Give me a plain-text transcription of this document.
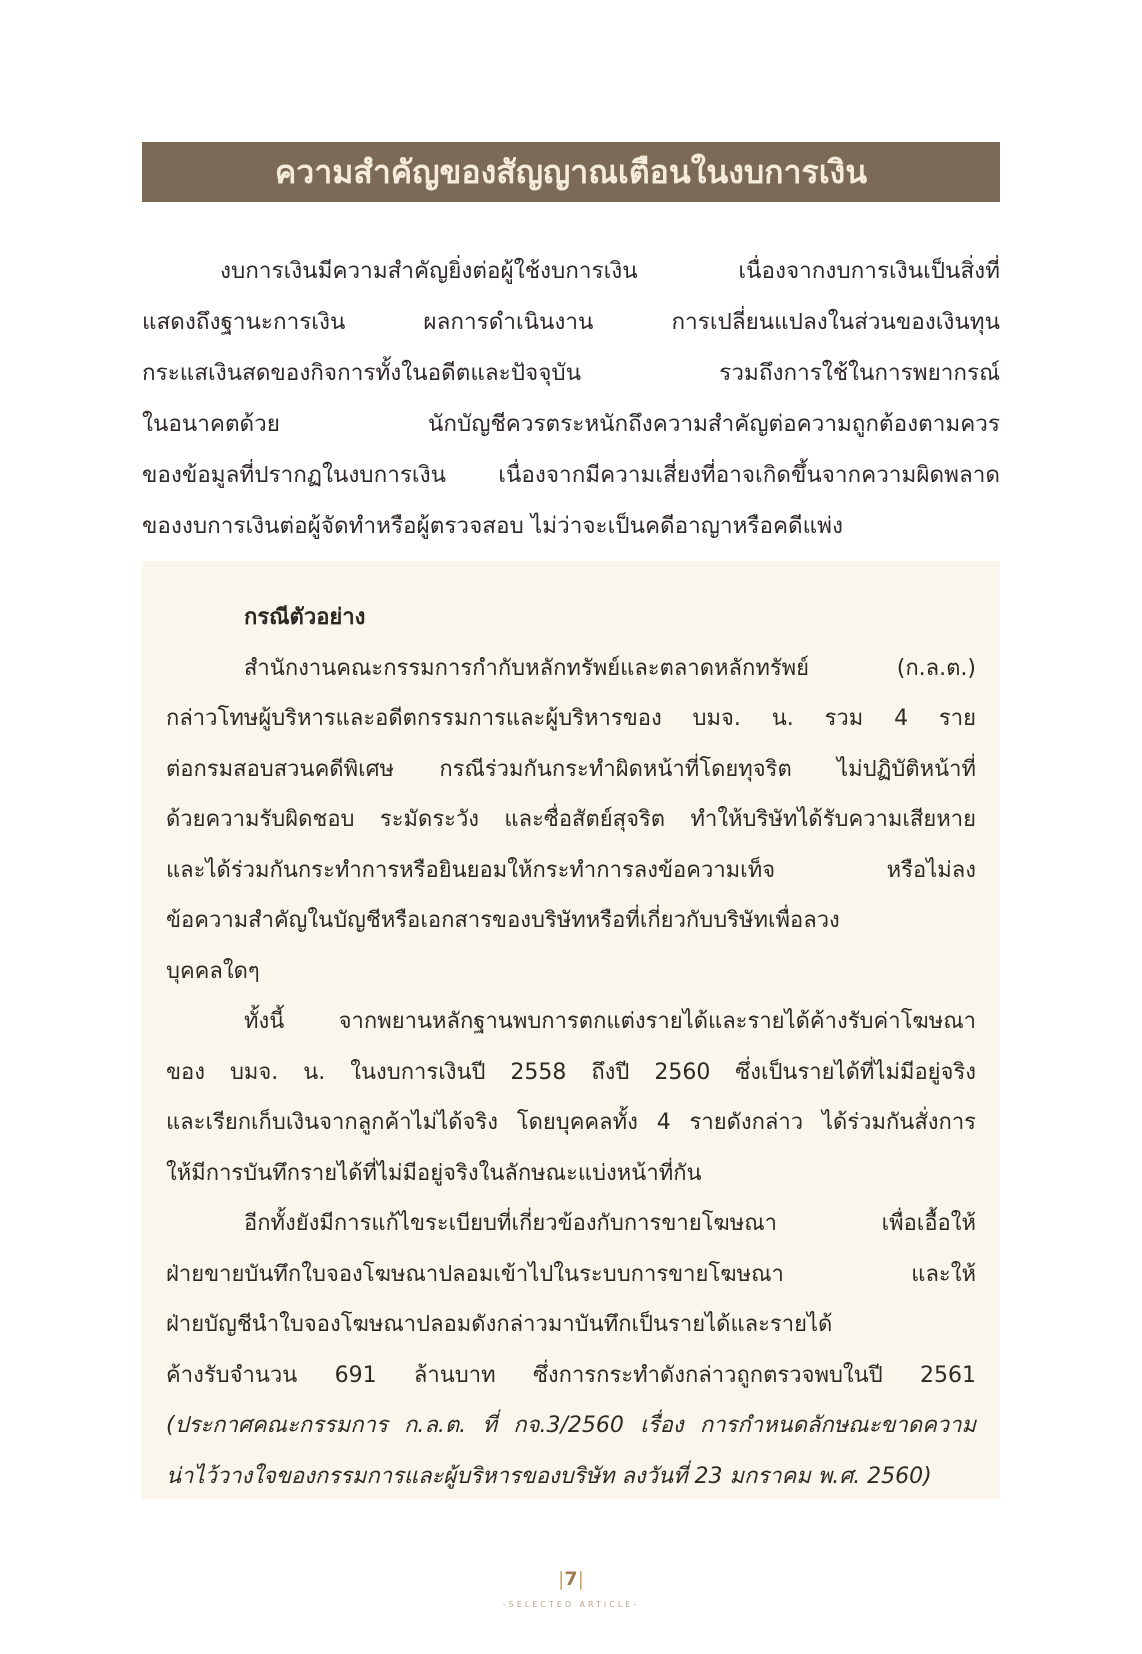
ความสำคัญของสัญญาณเตือนในงบการเงิน
งบการเงินมีความสำคัญยิ่งต่อผู้ใช้งบการเงิน เนื่องจากงบการเงินเป็นสิ่งที่
แสดงถึงฐานะการเงิน ผลการดำเนินงาน การเปลี่ยนแปลงในส่วนของเงินทุน
กระแสเงินสดของกิจการทั้งในอดีตและปัจจุบัน รวมถึงการใช้ในการพยากรณ์
ในอนาคตด้วย นักบัญชีควรตระหนักถึงความสำคัญต่อความถูกต้องตามควร
ของข้อมูลที่ปรากฏในงบการเงิน เนื่องจากมีความเสี่ยงที่อาจเกิดขึ้นจากความผิดพลาด
ของงบการเงินต่อผู้จัดทำหรือผู้ตรวจสอบ ไม่ว่าจะเป็นคดีอาญาหรือคดีแพ่ง
กรณีตัวอย่าง
สำนักงานคณะกรรมการกำกับหลักทรัพย์และตลาดหลักทรัพย์ (ก.ล.ต.)
กล่าวโทษผู้บริหารและอดีตกรรมการและผู้บริหารของ บมจ. น. รวม 4 ราย
ต่อกรมสอบสวนคดีพิเศษ กรณีร่วมกันกระทำผิดหน้าที่โดยทุจริต ไม่ปฏิบัติหน้าที่
ด้วยความรับผิดชอบ ระมัดระวัง และซื่อสัตย์สุจริต ทำให้บริษัทได้รับความเสียหาย
และได้ร่วมกันกระทำการหรือยินยอมให้กระทำการลงข้อความเท็จ หรือไม่ลง
ข้อความสำคัญในบัญชีหรือเอกสารของบริษัทหรือที่เกี่ยวกับบริษัทเพื่อลวง
บุคคลใดๆ
ทั้งนี้ จากพยานหลักฐานพบการตกแต่งรายได้และรายได้ค้างรับค่าโฆษณา
ของ บมจ. น. ในงบการเงินปี 2558 ถึงปี 2560 ซึ่งเป็นรายได้ที่ไม่มีอยู่จริง
และเรียกเก็บเงินจากลูกค้าไม่ได้จริง โดยบุคคลทั้ง 4 รายดังกล่าว ได้ร่วมกันสั่งการ
ให้มีการบันทึกรายได้ที่ไม่มีอยู่จริงในลักษณะแบ่งหน้าที่กัน
อีกทั้งยังมีการแก้ไขระเบียบที่เกี่ยวข้องกับการขายโฆษณา เพื่อเอื้อให้
ฝ่ายขายบันทึกใบจองโฆษณาปลอมเข้าไปในระบบการขายโฆษณา และให้
ฝ่ายบัญชีนำใบจองโฆษณาปลอมดังกล่าวมาบันทึกเป็นรายได้และรายได้
ค้างรับจำนวน 691 ล้านบาท ซึ่งการกระทำดังกล่าวถูกตรวจพบในปี 2561
(ประกาศคณะกรรมการ ก.ล.ต. ที่ กจ.3/2560 เรื่อง การกำหนดลักษณะขาดความ
น่าไว้วางใจของกรรมการและผู้บริหารของบริษัท ลงวันที่ 23 มกราคม พ.ศ. 2560)
|7|
-SELECTED ARTICLE-
